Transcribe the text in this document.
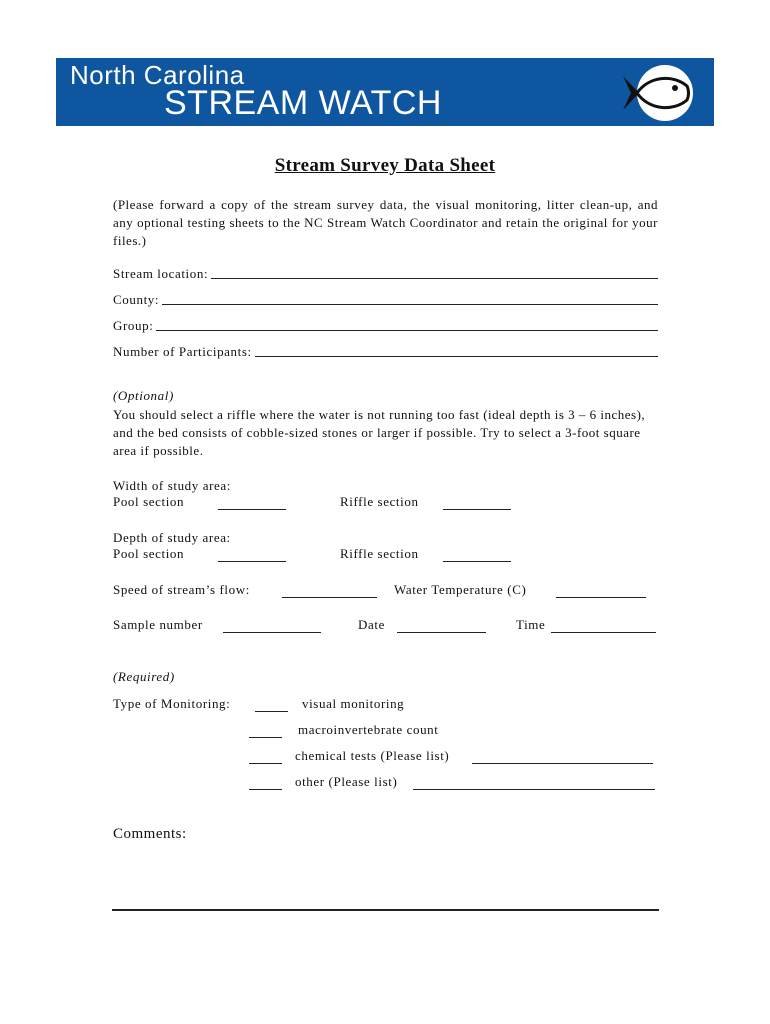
North Carolina
STREAM WATCH
Stream Survey Data Sheet
(Please forward a copy of the stream survey data, the visual monitoring, litter clean-up, and any optional testing sheets to the NC Stream Watch Coordinator and retain the original for your files.)
Stream location:
County:
Group:
Number of Participants:
(Optional)
You should select a riffle where the water is not running too fast (ideal depth is 3 – 6 inches), and the bed consists of cobble-sized stones or larger if possible. Try to select a 3-foot square area if possible.
Width of study area:
Pool section	Riffle section
Depth of study area:
Pool section	Riffle section
Speed of stream’s flow:	Water Temperature (C)
Sample number	Date	Time
(Required)
Type of Monitoring:	visual monitoring
macroinvertebrate count
chemical tests (Please list)
other (Please list)
Comments:
